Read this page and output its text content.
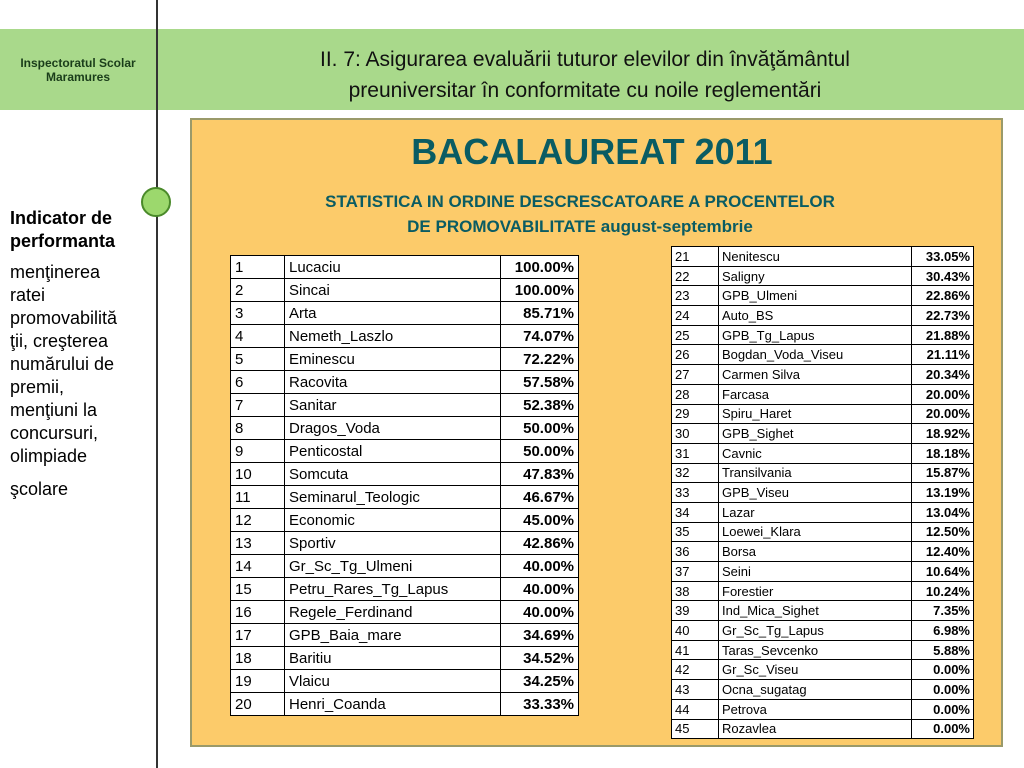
Inspectoratul Scolar
Maramures
II. 7: Asigurarea evaluării tuturor elevilor din învăţământul
preuniversitar în conformitate cu noile reglementări
Indicator de performanta

menţinerea

ratei

promovabilită

ţii, creşterea

numărului de

premii,

menţiuni la

concursuri,

olimpiade

şcolare

BACALAUREAT 2011
STATISTICA IN ORDINE DESCRESCATOARE A PROCENTELOR
DE PROMOVABILITATE august-septembrie
1	Lucaciu	100.00%
2	Sincai	100.00%
3	Arta	85.71%
4	Nemeth_Laszlo	74.07%
5	Eminescu	72.22%
6	Racovita	57.58%
7	Sanitar	52.38%
8	Dragos_Voda	50.00%
9	Penticostal	50.00%
10	Somcuta	47.83%
11	Seminarul_Teologic	46.67%
12	Economic	45.00%
13	Sportiv	42.86%
14	Gr_Sc_Tg_Ulmeni	40.00%
15	Petru_Rares_Tg_Lapus	40.00%
16	Regele_Ferdinand	40.00%
17	GPB_Baia_mare	34.69%
18	Baritiu	34.52%
19	Vlaicu	34.25%
20	Henri_Coanda	33.33%
21	Nenitescu	33.05%
22	Saligny	30.43%
23	GPB_Ulmeni	22.86%
24	Auto_BS	22.73%
25	GPB_Tg_Lapus	21.88%
26	Bogdan_Voda_Viseu	21.11%
27	Carmen Silva	20.34%
28	Farcasa	20.00%
29	Spiru_Haret	20.00%
30	GPB_Sighet	18.92%
31	Cavnic	18.18%
32	Transilvania	15.87%
33	GPB_Viseu	13.19%
34	Lazar	13.04%
35	Loewei_Klara	12.50%
36	Borsa	12.40%
37	Seini	10.64%
38	Forestier	10.24%
39	Ind_Mica_Sighet	7.35%
40	Gr_Sc_Tg_Lapus	6.98%
41	Taras_Sevcenko	5.88%
42	Gr_Sc_Viseu	0.00%
43	Ocna_sugatag	0.00%
44	Petrova	0.00%
45	Rozavlea	0.00%
